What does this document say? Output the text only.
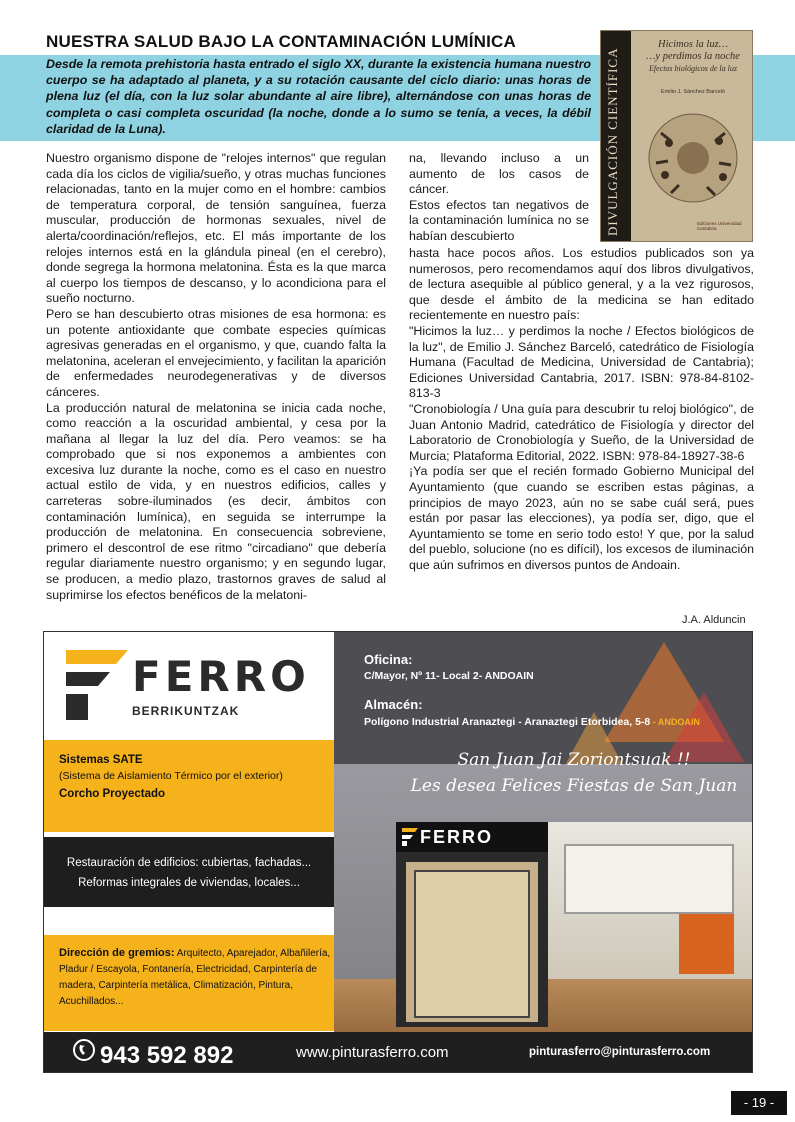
NUESTRA SALUD BAJO LA CONTAMINACIÓN LUMÍNICA
Desde la remota prehistoria hasta entrado el siglo XX, durante la existencia humana nuestro cuerpo se ha adaptado al planeta, y a su rotación causante del ciclo diario: unas horas de plena luz (el día, con la luz solar abundante al aire libre), alternándose con unas horas de completa o casi completa oscuridad (la noche, donde a lo sumo se tenía, a veces, la débil claridad de la Luna).	DIVULGACIÓN CIENTÍFICA
Hicimos la luz…
…y perdimos la noche
Efectos biológicos de la luz
Emilio J. Sánchez Barceló
Ediciones Universidad Cantabria

Nuestro organismo dispone de "relojes internos" que regulan cada día los ciclos de vigilia/sueño, y otras muchas funciones relacionadas, tanto en la mujer como en el hombre: cambios de temperatura corporal, de tensión sanguínea, fuerza muscular, producción de hormonas sexuales, nivel de alerta/coordinación/reflejos, etc. El más importante de los relojes internos está en la glándula pineal (en el cerebro), donde segrega la hormona melatonina. Ésta es la que marca al cuerpo los tiempos de descanso, y lo acondiciona para el sueño nocturno.

Pero se han descubierto otras misiones de esa hormona: es un potente antioxidante que combate especies químicas agresivas generadas en el organismo, y que, cuando falta la melatonina, aceleran el envejecimiento, y facilitan la aparición de enfermedades neurodegenerativas y de diversos cánceres.

La producción natural de melatonina se inicia cada noche, como reacción a la oscuridad ambiental, y cesa por la mañana al llegar la luz del día. Pero veamos: se ha comprobado que si nos exponemos a ambientes con excesiva luz durante la noche, como es el caso en nuestro actual estilo de vida, y en nuestros edificios, calles y carreteras sobre-iluminados (es decir, ámbitos con contaminación lumínica), en seguida se interrumpe la producción de melatonina. En consecuencia sobreviene, primero el descontrol de ese ritmo "circadiano" que debería regular diariamente nuestro organismo; y en segundo lugar, se producen, a medio plazo, trastornos graves de salud al suprimirse los efectos benéficos de la melatoni-

na, llevando incluso a un aumento de los casos de cáncer.

Estos efectos tan negativos de la contaminación lumínica no se habían descubierto

hasta hace pocos años. Los estudios publicados son ya numerosos, pero recomendamos aquí dos libros divulgativos, de lectura asequible al público general, y a la vez rigurosos, que desde el ámbito de la medicina se han editado recientemente en nuestro país:

"Hicimos la luz… y perdimos la noche / Efectos biológicos de la luz", de Emilio J. Sánchez Barceló, catedrático de Fisiología Humana (Facultad de Medicina, Universidad de Cantabria); Ediciones Universidad Cantabria, 2017. ISBN: 978-84-8102-813-3

"Cronobiología / Una guía para descubrir tu reloj biológico", de Juan Antonio Madrid, catedrático de Fisiología y director del Laboratorio de Cronobiología y Sueño, de la Universidad de Murcia; Plataforma Editorial, 2022. ISBN: 978-84-18927-38-6

¡Ya podía ser que el recién formado Gobierno Municipal del Ayuntamiento (que cuando se escriben estas páginas, a principios de mayo 2023, aún no se sabe cuál será, pues están por pasar las elecciones), ya podía ser, digo, que el Ayuntamiento se tome en serio todo esto! Y que, por la salud del pueblo, solucione (no es difícil), los excesos de iluminación que aún sufrimos en diversos puntos de Andoain.

J.A. Alduncin
FERRO
BERRIKUNTZAK
Sistemas SATE
(Sistema de Aislamiento Térmico por el exterior)
Corcho Proyectado
Restauración de edificios: cubiertas, fachadas...
Reformas integrales de viviendas, locales...
Dirección de gremios: Arquitecto, Aparejador, Albañilería, Pladur / Escayola, Fontanería, Electricidad, Carpintería de madera, Carpintería metálica, Climatización, Pintura, Acuchillados...
Oficina:
C/Mayor, Nº 11- Local 2- ANDOAIN
Almacén:
Polígono Industrial Aranaztegi - Aranaztegi Etorbidea, 5-8 - ANDOAIN
FERRO
San Juan Jai Zoriontsuak !!
Les desea Felices Fiestas de San Juan
943 592 892	www.pinturasferro.com	pinturasferro@pinturasferro.com
- 19 -
